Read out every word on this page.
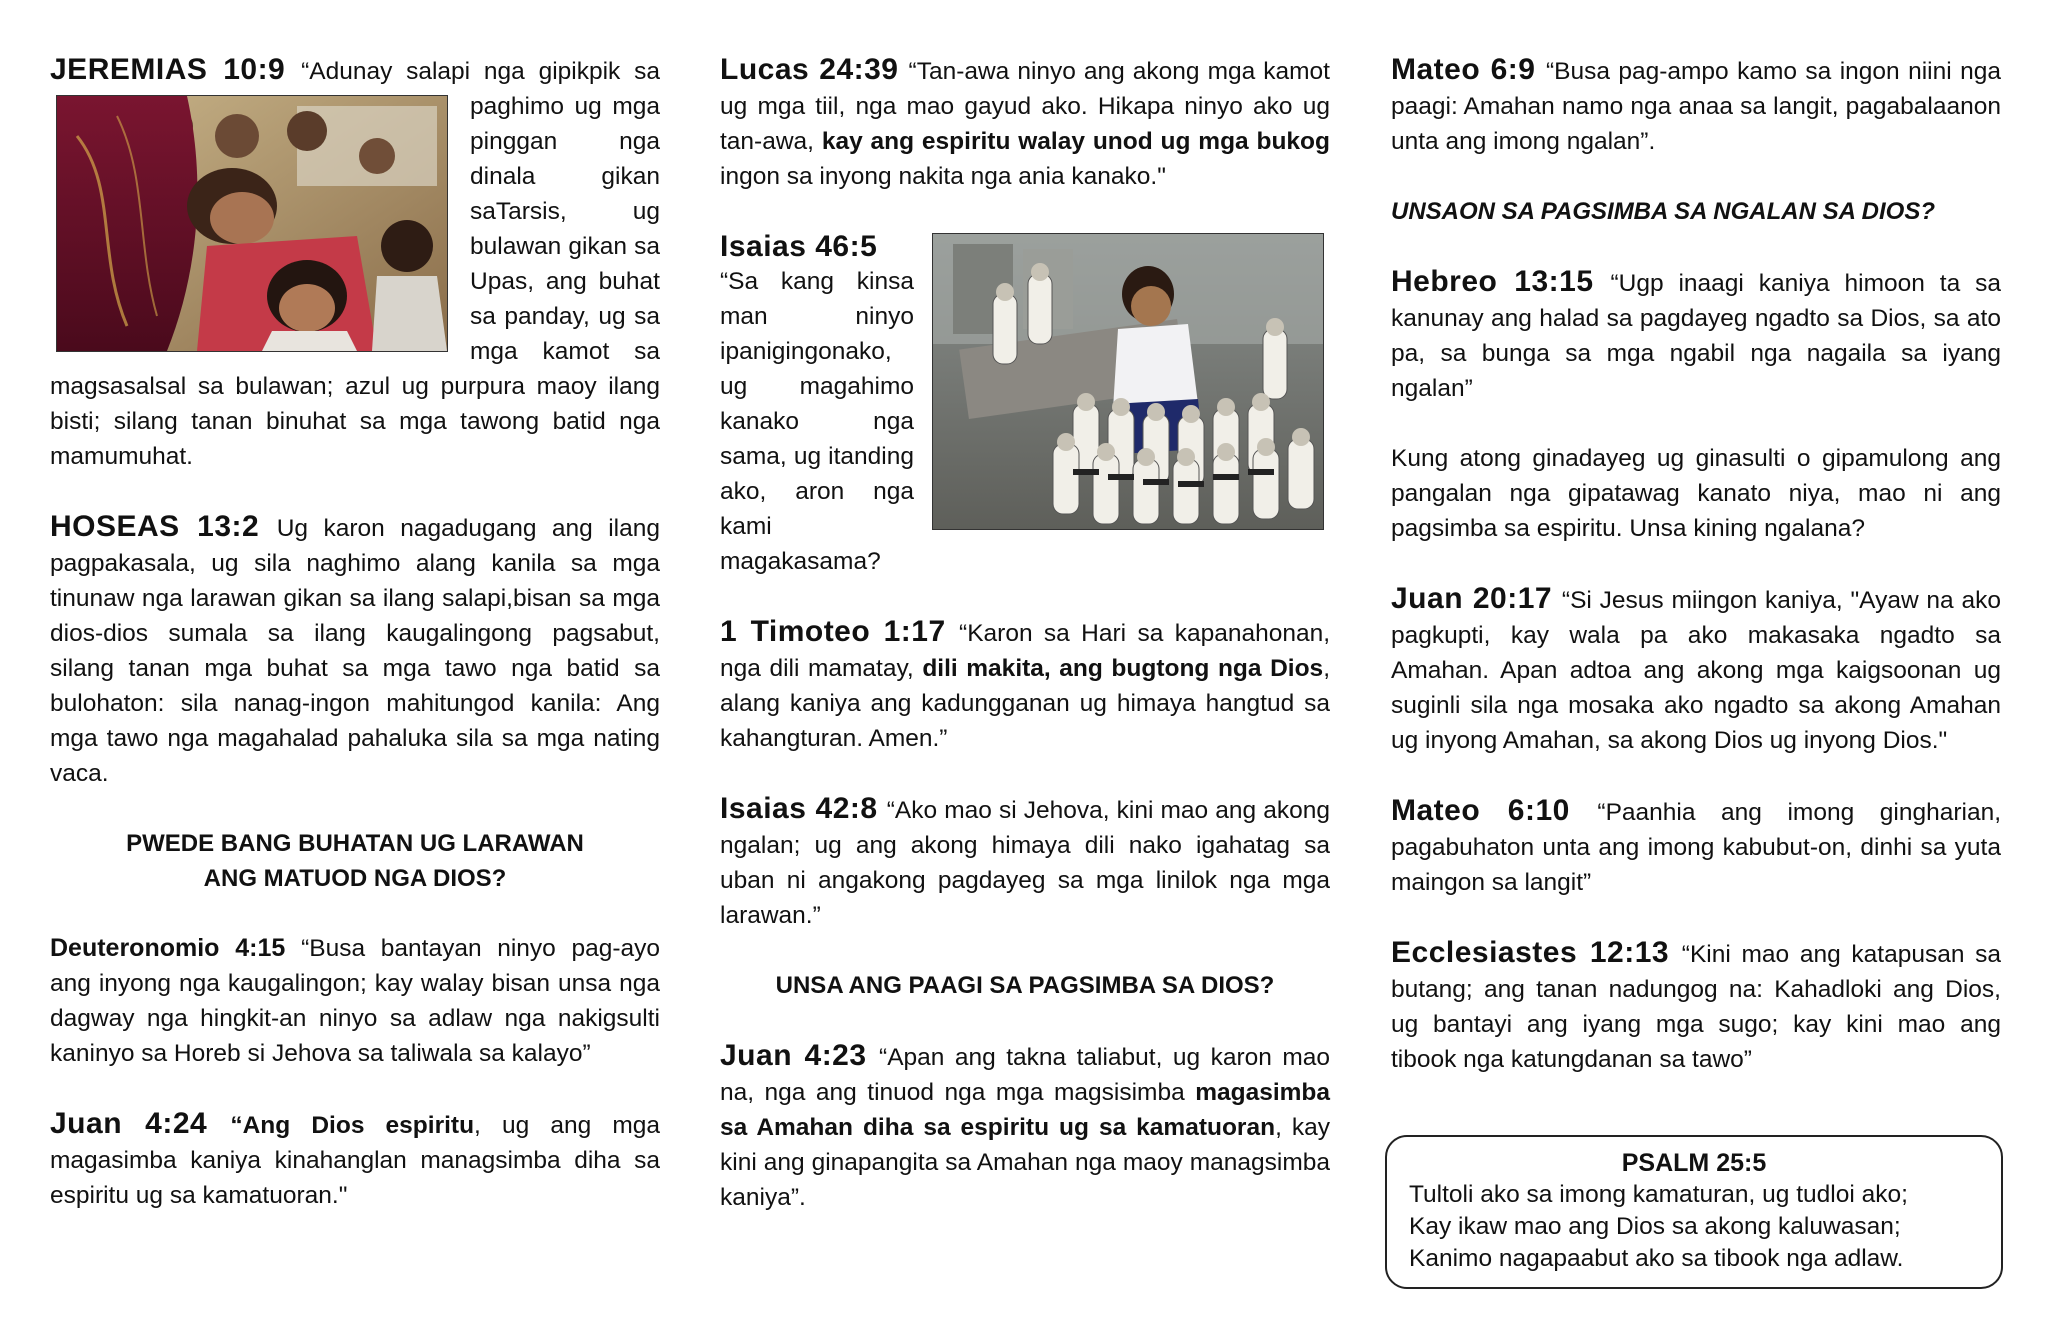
JEREMIAS 10:9
“Adunay salapi nga gipikpik sa paghimo ug mga pinggan nga dinala gikan saTarsis, ug bulawan gikan sa Upas, ang buhat sa panday, ug sa mga kamot sa magsasalsal sa bulawan; azul ug purpura maoy ilang bisti; silang tanan binuhat sa mga tawong batid nga mamumuhat.
HOSEAS 13:2 Ug karon nagadugang ang ilang pagpakasala, ug sila naghimo alang kanila sa mga tinunaw nga larawan gikan sa ilang salapi,bisan sa mga dios-dios sumala sa ilang kaugalingong pagsabut, silang tanan mga buhat sa mga tawo nga batid sa bulohaton: sila nanag-ingon mahitungod kanila: Ang mga tawo nga magahalad pahaluka sila sa mga nating vaca.
PWEDE BANG BUHATAN UG LARAWAN
ANG MATUOD NGA DIOS?
Deuteronomio 4:15 “Busa bantayan ninyo pag-ayo ang inyong nga kaugalingon; kay walay bisan unsa nga dagway nga hingkit-an ninyo sa adlaw nga nakigsulti kaninyo sa Horeb si Jehova sa taliwala sa kalayo”
Juan 4:24 “Ang Dios espiritu, ug ang mga magasimba kaniya kinahanglan managsimba diha sa espiritu ug sa kamatuoran."
Lucas 24:39 “Tan-awa ninyo ang akong mga kamot ug mga tiil, nga mao gayud ako. Hikapa ninyo ako ug tan-awa, kay ang espiritu walay unod ug mga bukog ingon sa inyong nakita nga ania kanako."
Isaias 46:5
“Sa kang kinsa man ninyo ipanigingonako, ug magahimo kanako nga sama, ug itanding ako, aron nga kami magakasama?
1 Timoteo 1:17 “Karon sa Hari sa kapanahonan, nga dili mamatay, dili makita, ang bugtong nga Dios, alang kaniya ang kadungganan ug himaya hangtud sa kahangturan. Amen.”
Isaias 42:8 “Ako mao si Jehova, kini mao ang akong ngalan; ug ang akong himaya dili nako igahatag sa uban ni angakong pagdayeg sa mga linilok nga mga larawan.”
UNSA ANG PAAGI SA PAGSIMBA SA DIOS?
Juan 4:23 “Apan ang takna taliabut, ug karon mao na, nga ang tinuod nga mga magsisimba magasimba sa Amahan diha sa espiritu ug sa kamatuoran, kay kini ang ginapangita sa Amahan nga maoy managsimba kaniya”.
Mateo 6:9 “Busa pag-ampo kamo sa ingon niini nga paagi: Amahan namo nga anaa sa langit, pagabalaanon unta ang imong ngalan”.
UNSAON SA PAGSIMBA SA NGALAN SA DIOS?
Hebreo 13:15 “Ugp inaagi kaniya himoon ta sa kanunay ang halad sa pagdayeg ngadto sa Dios, sa ato pa, sa bunga sa mga ngabil nga nagaila sa iyang ngalan”
Kung atong ginadayeg ug ginasulti o gipamulong ang pangalan nga gipatawag kanato niya, mao ni ang pagsimba sa espiritu. Unsa kining ngalana?
Juan 20:17 “Si Jesus miingon kaniya, "Ayaw na ako pagkupti, kay wala pa ako makasaka ngadto sa Amahan. Apan adtoa ang akong mga kaigsoonan ug suginli sila nga mosaka ako ngadto sa akong Amahan ug inyong Amahan, sa akong Dios ug inyong Dios."
Mateo 6:10 “Paanhia ang imong gingharian, pagabuhaton unta ang imong kabubut-on, dinhi sa yuta maingon sa langit”
Ecclesiastes 12:13 “Kini mao ang katapusan sa butang; ang tanan nadungog na: Kahadloki ang Dios, ug bantayi ang iyang mga sugo; kay kini mao ang tibook nga katungdanan sa tawo”
PSALM 25:5
Tultoli ako sa imong kamaturan, ug tudloi ako;
Kay ikaw mao ang Dios sa akong kaluwasan;
Kanimo nagapaabut ako sa tibook nga adlaw.
